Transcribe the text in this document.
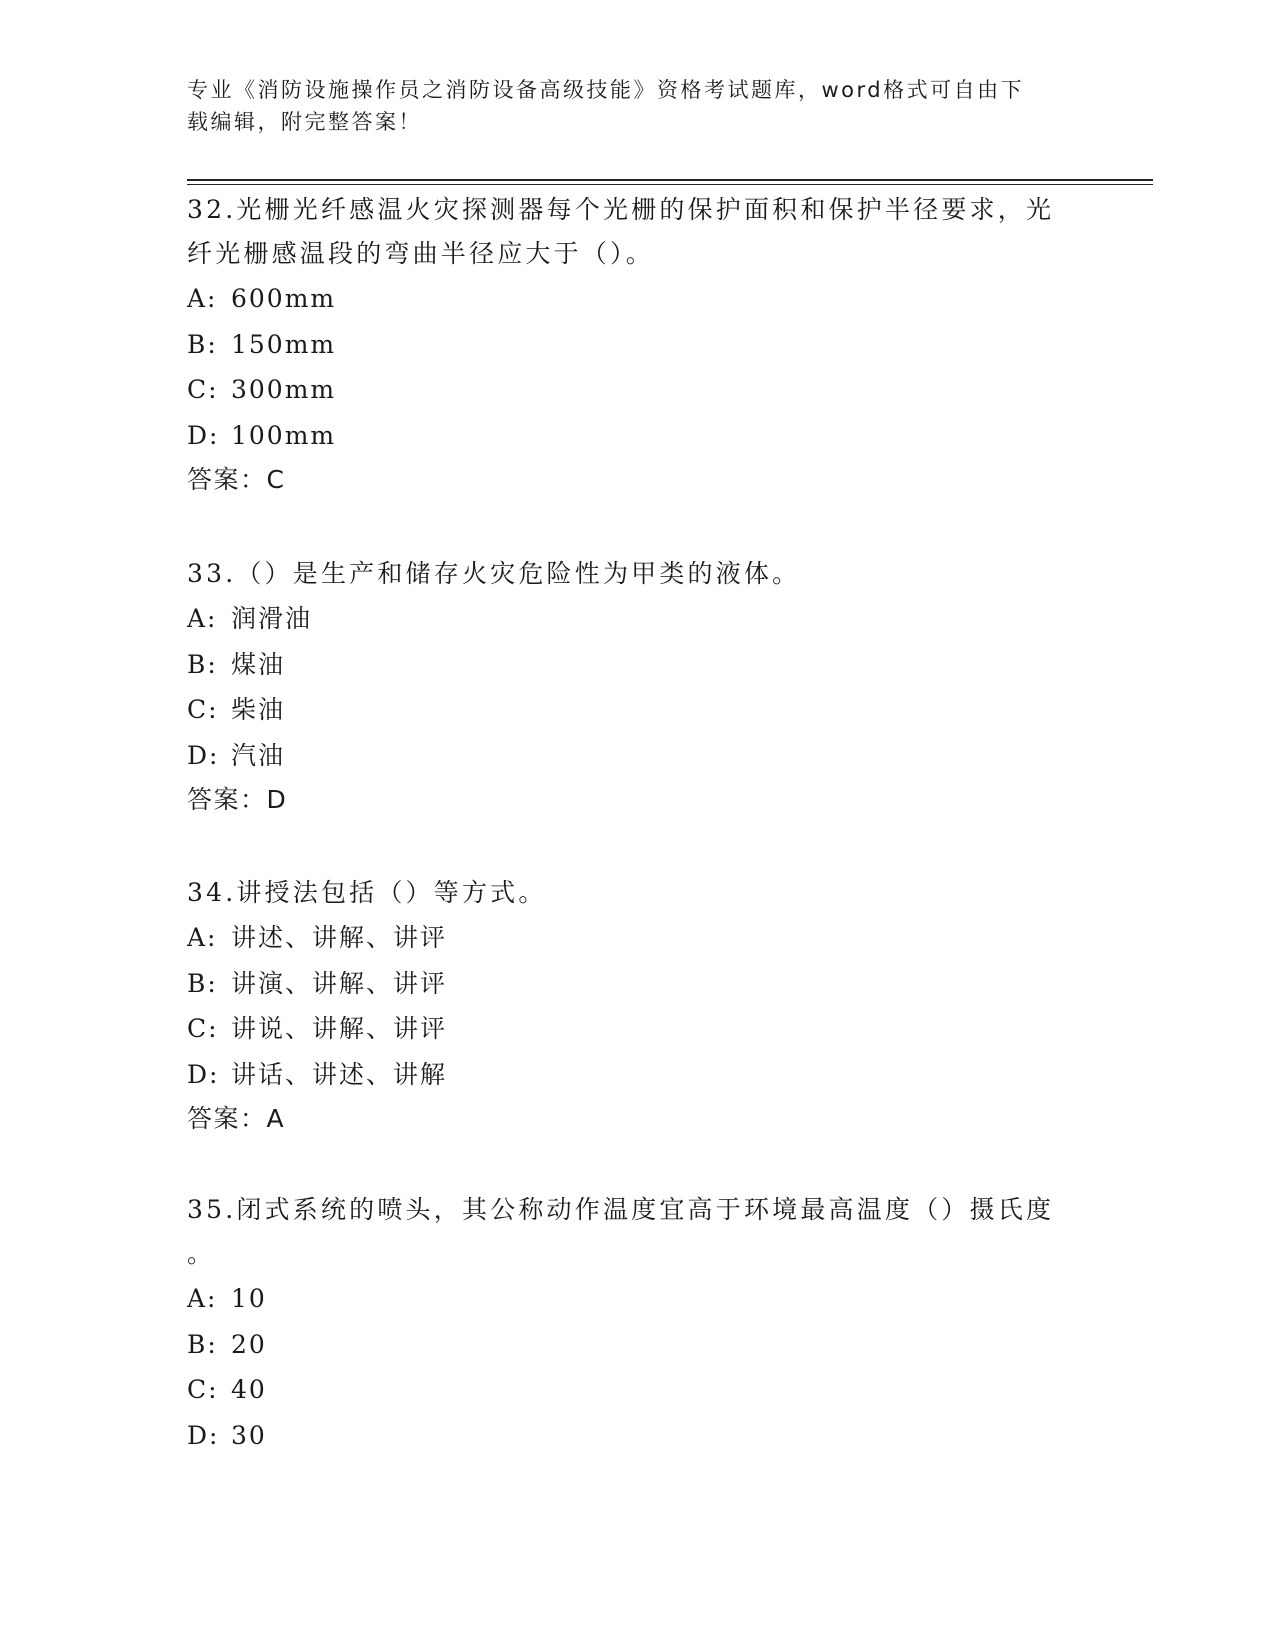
专业《消防设施操作员之消防设备高级技能》资格考试题库，word格式可自由下
载编辑，附完整答案！

32.光栅光纤感温火灾探测器每个光栅的保护面积和保护半径要求，光

纤光栅感温段的弯曲半径应大于（）。

A: 600mm

B: 150mm

C: 300mm

D: 100mm

答案：C

33.（）是生产和储存火灾危险性为甲类的液体。

A: 润滑油

B: 煤油

C: 柴油

D: 汽油

答案：D

34.讲授法包括（）等方式。

A: 讲述、讲解、讲评

B: 讲演、讲解、讲评

C: 讲说、讲解、讲评

D: 讲话、讲述、讲解

答案：A

35.闭式系统的喷头，其公称动作温度宜高于环境最高温度（）摄氏度

。

A: 10

B: 20

C: 40

D: 30
